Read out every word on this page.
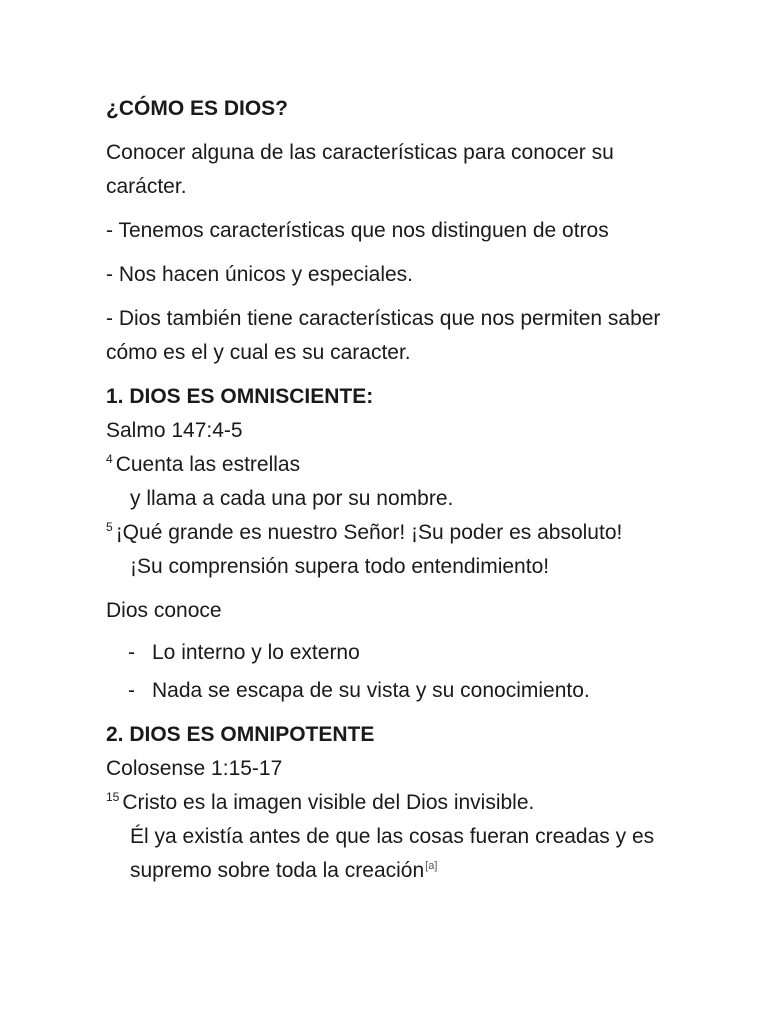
¿CÓMO ES DIOS?

Conocer alguna de las características para conocer su carácter.

- Tenemos características que nos distinguen de otros

- Nos hacen únicos y especiales.

- Dios también tiene características que nos permiten saber cómo es el y cual es su caracter.

1. DIOS ES OMNISCIENTE:

Salmo 147:4-5

$^4$ Cuenta las estrellas

y llama a cada una por su nombre.

$^5$ ¡Qué grande es nuestro Señor! ¡Su poder es absoluto!

¡Su comprensión supera todo entendimiento!

Dios conoce

- Lo interno y lo externo
- Nada se escapa de su vista y su conocimiento.

2. DIOS ES OMNIPOTENTE

Colosense 1:15-17

$^{15}$ Cristo es la imagen visible del Dios invisible.

Él ya existía antes de que las cosas fueran creadas y es supremo sobre toda la creación[a]
